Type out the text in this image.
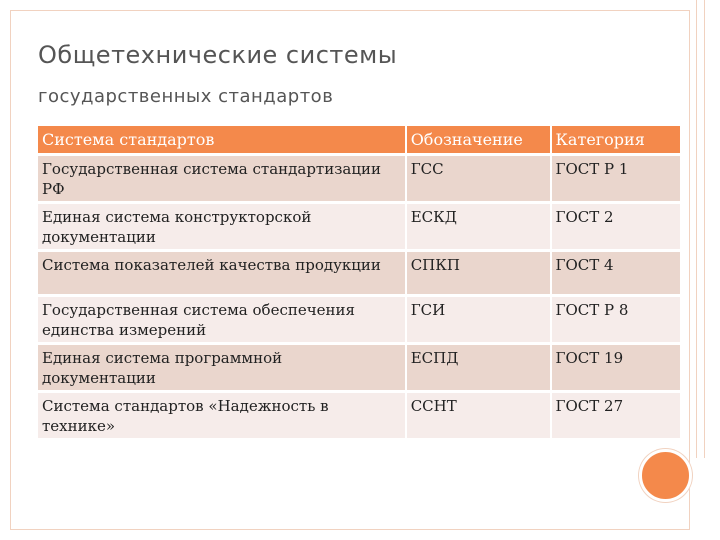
Общетехнические системы
государственных стандартов
Система стандартов	Обозначение	Категория
Государственная система стандартизации РФ	ГСС	ГОСТ Р 1
Единая система конструкторской документации	ЕСКД	ГОСТ 2
Система показателей качества продукции	СПКП	ГОСТ 4
Государственная система обеспечения единства измерений	ГСИ	ГОСТ Р 8
Единая система программной документации	ЕСПД	ГОСТ 19
Система стандартов «Надежность в технике»	ССНТ	ГОСТ 27
